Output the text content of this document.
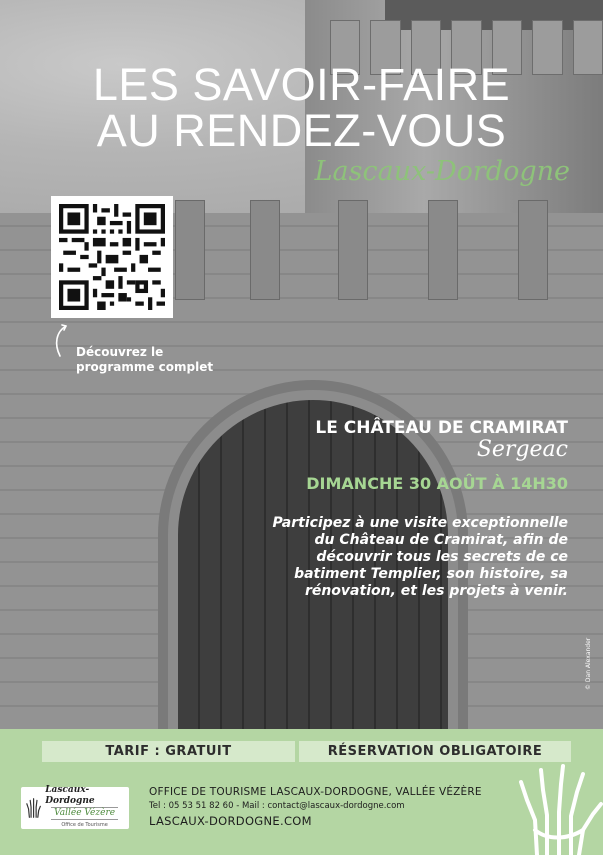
LES SAVOIR-FAIRE
AU RENDEZ-VOUS
Lascaux-Dordogne
Découvrez le
programme complet
LE CHÂTEAU DE CRAMIRAT
Sergeac
DIMANCHE 30 AOÛT À 14H30
Participez à une visite exceptionnelle
du Château de Cramirat, afin de
découvrir tous les secrets de ce
batiment Templier, son histoire, sa
rénovation, et les projets à venir.
© Dan Alexander
TARIF : GRATUIT	RÉSERVATION OBLIGATOIRE
Lascaux-Dordogne
Vallée Vézère
Office de Tourisme
OFFICE DE TOURISME LASCAUX-DORDOGNE, VALLÉE VÉZÈRE
Tel : 05 53 51 82 60 - Mail : contact@lascaux-dordogne.com
LASCAUX-DORDOGNE.COM
